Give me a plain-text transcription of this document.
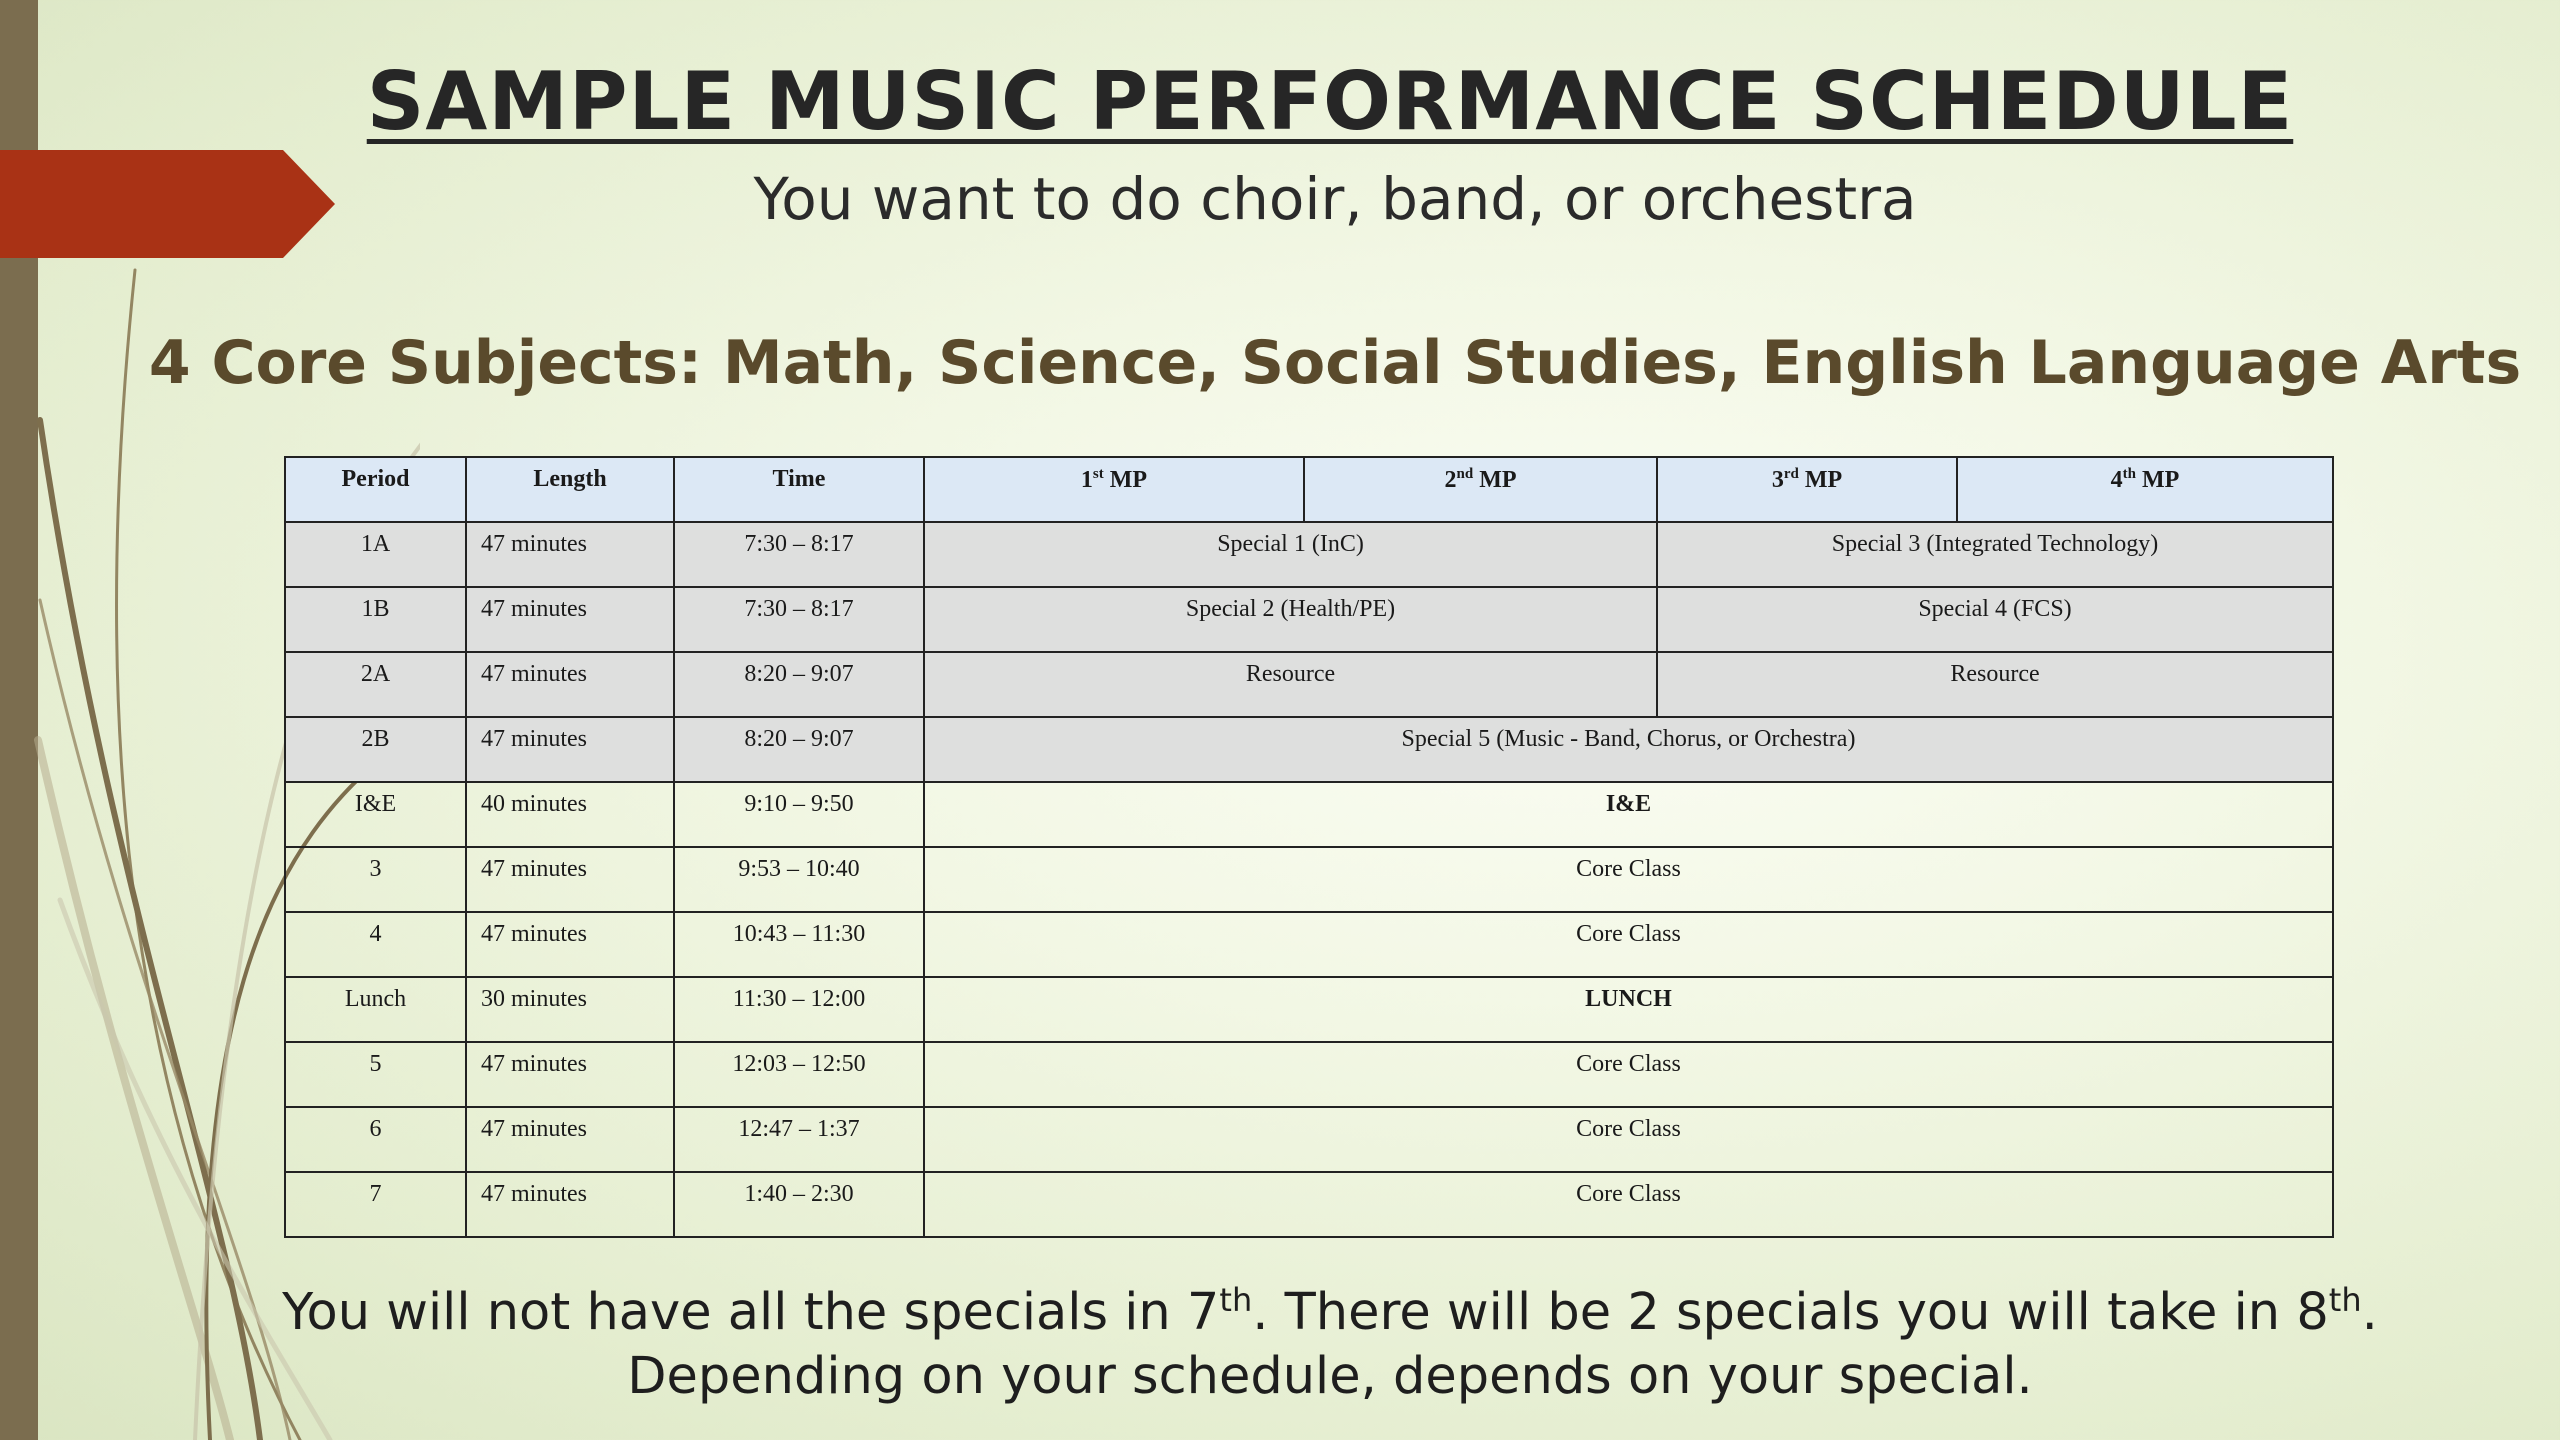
SAMPLE MUSIC PERFORMANCE SCHEDULE
You want to do choir, band, or orchestra
4 Core Subjects: Math, Science, Social Studies, English Language Arts
Period	Length	Time	1st MP	2nd MP	3rd MP	4th MP
1A	47 minutes	7:30 – 8:17	Special 1 (InC)		Special 3 (Integrated Technology)	
1B	47 minutes	7:30 – 8:17	Special 2 (Health/PE)		Special 4 (FCS)	
2A	47 minutes	8:20 – 9:07	Resource		Resource	
2B	47 minutes	8:20 – 9:07	Special 5 (Music - Band, Chorus, or Orchestra)			
I&E	40 minutes	9:10 – 9:50	I&E			
3	47 minutes	9:53 – 10:40	Core Class			
4	47 minutes	10:43 – 11:30	Core Class			
Lunch	30 minutes	11:30 – 12:00	LUNCH			
5	47 minutes	12:03 – 12:50	Core Class			
6	47 minutes	12:47 – 1:37	Core Class			
7	47 minutes	1:40 – 2:30	Core Class			
You will not have all the specials in 7th. There will be 2 specials you will take in 8th.
Depending on your schedule, depends on your special.
